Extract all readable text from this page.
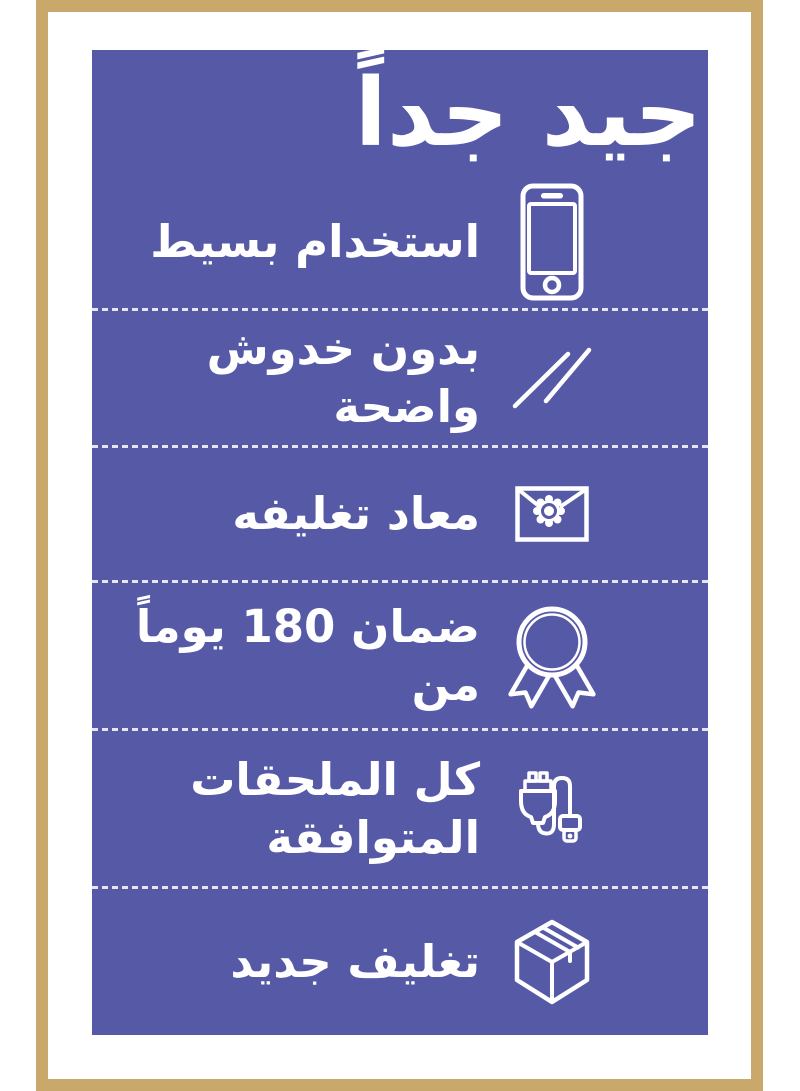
جيد جداً
استخدام بسيط
بدون خدوش
واضحة
معاد تغليفه
ضمان 180 يوماً
من
كل الملحقات
المتوافقة
تغليف جديد
